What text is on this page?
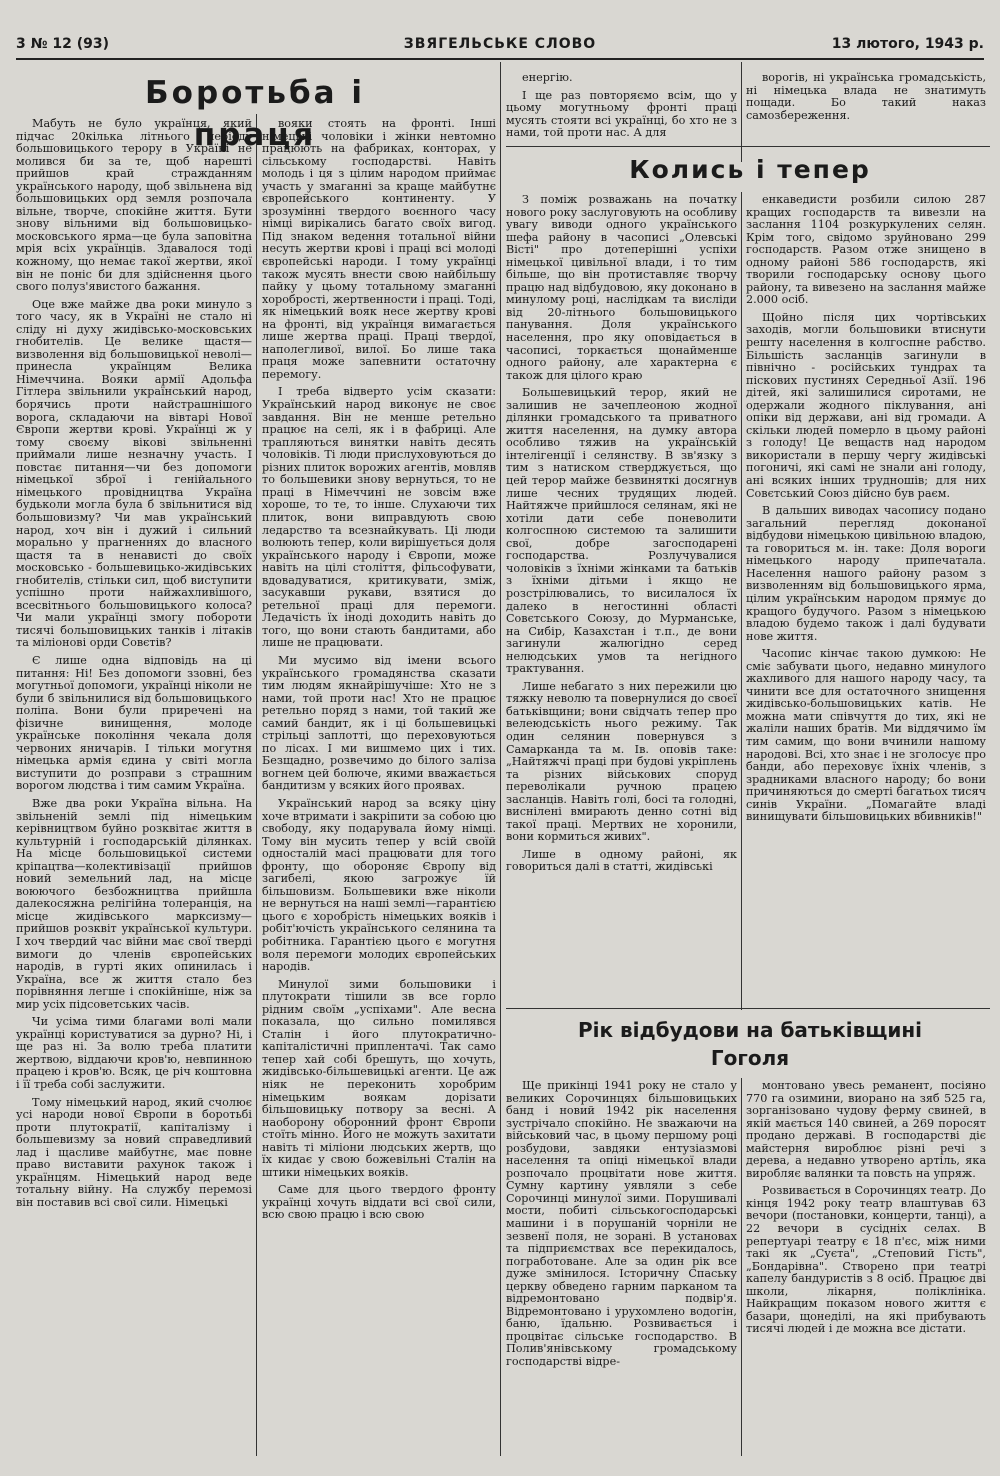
3 № 12 (93)	ЗВЯГЕЛЬСЬКЕ СЛОВО	13 лютого, 1943 р.
Боротьба і праця

Мабуть не було українця, який підчас 20кілька літнього періоду большовицького терору в Україні не молився би за те, щоб нарешті прийшов край стражданням українського народу, щоб звільнена від большовицьких орд земля розпочала вільне, творче, спокійне життя. Бути знову вільними від большовицько-московського ярма—це була заповітна мрія всіх українців. Здавалося тоді кожному, що немає такої жертви, якої він не поніс би для здійснення цього свого полуз'явистого бажання.

Оце вже майже два роки минуло з того часу, як в Україні не стало ні сліду ні духу жидівсько-московських гнобителів. Це велике щастя—визволення від большовицької неволі—принесла українцям Велика Німеччина. Вояки армії Адольфа Гітлера звільнили український народ, борячись проти найстрашнішого ворога, складаючи на вівтарі Нової Європи жертви крові. Українці ж у тому своєму вікові звільненні приймали лише незначну участь. І повстає питання—чи без допомоги німецької зброї і генійального німецького провідництва Україна будьколи могла була б звільнитися від большовизму? Чи мав український народ, хоч він і дужий і сильний морально у прагненнях до власного щастя та в ненависті до своїх московсько - большевицько-жидівських гнобителів, стільки сил, щоб виступити успішно проти найжахливішого, всесвітнього большовицького колоса? Чи мали українці змогу побороти тисячі большовицьких танків і літаків та міліонові орди Совєтів?

Є лише одна відповідь на ці питання: Ні! Без допомоги ззовні, без могутньої допомоги, українці ніколи не були б звільнилися від большовицького поліпа. Вони були приречені на фізичне винищення, молоде українське покоління чекала доля червоних яничарів. І тільки могутня німецька армія єдина у світі могла виступити до розправи з страшним ворогом людства і тим самим Україна.

Вже два роки Україна вільна. На звільненій землі під німецьким керівництвом буйно розквітає життя в культурній і господарській ділянках. На місце большовицької системи кріпацтва—колективізації прийшов новий земельний лад, на місце воюючого безбожництва прийшла далекосяжна релігійна толеранція, на місце жидівського марксизму—прийшов розквіт української культури. І хоч твердий час війни має свої тверді вимоги до членів європейських народів, в гурті яких опинилась і Україна, все ж життя стало без порівняння легше і спокійніше, ніж за мир усіх підсоветських часів.

Чи усіма тими благами волі мали українці користуватися за дурно? Ні, і ще раз ні. За волю треба платити жертвою, віддаючи кров'ю, невпинною працею і кров'ю. Всяк, це річ коштовна і її треба собі заслужити.

Тому німецький народ, який счолює усі народи нової Європи в боротьбі проти плутократії, капіталізму і большевизму за новий справедливий лад і щасливе майбутнє, має повне право виставити рахунок також і українцям. Німецький народ веде тотальну війну. На службу перемозі він поставив всі свої сили. Німецькі

вояки стоять на фронті. Інші німецькі чоловіки і жінки невтомно працюють на фабриках, конторах, у сільському господарстві. Навіть молодь і ця з цілим народом приймає участь у змаганні за краще майбутнє європейського континенту. У зрозумінні твердого воєнного часу німці вирікались багато своїх вигод. Під знаком ведення тотальної війни несуть жертви крові і праці всі молоді європейські народи. І тому українці також мусять внести свою найбільшу пайку у цьому тотальному змаганні хоробрості, жертвенности і праці. Тоді, як німецький вояк несе жертву крові на фронті, від українця вимагається лише жертва праці. Праці твердої, наполегливої, вилої. Бо лише така праця може запевнити остаточну перемогу.

І треба відверто усім сказати: Український народ виконує не своє завдання. Він не менше ретельно працює на селі, як і в фабриці. Але трапляються винятки навіть десять чоловіків. Ті люди прислуховуються до різних плиток ворожих агентів, мовляв то большевики знову вернуться, то не праці в Німеччині не зовсім вже хороше, то те, то інше. Слухаючи тих плиток, вони виправдують свою ледарство та всезнайкувать. Ці люди волюють тепер, коли вирішується доля українського народу і Європи, може навіть на цілі століття, фільсофувати, вдовадуватися, критикувати, зміж, засукавши рукави, взятися до ретельної праці для перемоги. Ледачість їх іноді доходить навіть до того, що вони стають бандитами, або лише не працювати.

Ми мусимо від імени всього українського громадянства сказати тим людям якнайрішучіше: Хто не з нами, той проти нас! Хто не працює ретельно поряд з нами, той такий же самий бандит, як і ці большевицькі стрільці заплотті, що переховуються по лісах. І ми вишмемо цих і тих. Безщадно, розвечимо до білого заліза вогнем цей болюче, якими вважається бандитизм у всяких його проявах.

Український народ за всяку ціну хоче втримати і закріпити за собою цю свободу, яку подарувала йому німці. Тому він мусить тепер у всій своїй односталій масі працювати для того фронту, що обороняє Європу від загибелі, якою загрожує їй більшовизм. Большевики вже ніколи не вернуться на наші землі—гарантією цього є хоробрість німецьких вояків і робіт'ючість українського селянина та робітника. Гарантією цього є могутня воля перемоги молодих європейських народів.

Минулої зими большовики і плутократи тішили зв все горло рідним своїм „успіхами". Але весна показала, що сильно помилявся Сталін і його плутократично-капіталістичні приплентачі. Так само тепер хай собі брешуть, що хочуть, жидівсько-більшевицькі агенти. Це аж ніяк не переконить хоробрим німецьким воякам дорізати більшовицьку потвору за весні. А наоборону оборонний фронт Європи стоїть мінно. Його не можуть захитати навіть ті міліони людських жертв, що їх кидає у свою божевільні Сталін на штики німецьких вояків.

Саме для цього твердого фронту українці хочуть віддати всі свої сили, всю свою працю і всю свою

енергію.

І ще раз повторяємо всім, що у цьому могутньому фронті праці мусять стояти всі українці, бо хто не з нами, той проти нас. А для

ворогів, ні українська громадськість, ні німецька влада не знатимуть пощади. Бо такий наказ самозбереження.

Колись і тепер

З поміж розважань на початку нового року заслуговують на особливу увагу виводи одного українського шефа району в часописі „Олевські Вісті" про дотеперішні успіхи німецької цивільної влади, і то тим більше, що він протиставляє творчу працю над відбудовою, яку доконано в минулому році, наслідкам та висліди від 20-літнього большовицького панування. Доля українського населення, про яку оповідається в часописі, торкається щонайменше одного району, але характерна є також для цілого краю

Большевицький терор, який не залишив не зачеплеоною жодної ділянки громадського та приватного життя населення, на думку автора особливо тяжив на українській інтелігенції і селянству. В зв'язку з тим з натиском стверджується, що цей терор майже безвиняткі досягнув лише чесних трудящих людей. Найтяжче прийшлося селянам, які не хотіли дати себе поневолити колгоспною системою та залишити свої, добре загосподарені господарства. Розлучувалися чоловіків з їхніми жінками та батьків з їхніми дітьми і якщо не розстрілювались, то висилалося їх далеко в негостинні області Совєтського Союзу, до Мурманське, на Сибір, Казахстан і т.п., де вони загинули жалюгідно серед нелюдських умов та негідного трактування.

Лише небагато з них пережили цю тяжку неволю та повернулися до своєї батьківщини; вони свідчать тепер про велеюдськість нього режиму. Так один селянин повернувся з Самарканда та м. Ів. оповів таке: „Найтяжчі праці при будові укріплень та різних військових споруд переволікали ручною працею засланців. Навіть голі, босі та голодні, виснілені вмирають денно сотні від такої праці. Мертвих не хоронили, вони кормиться живих".

Лише в одному районі, як говориться далі в статті, жидівські

енкаведисти розбили силою 287 кращих господарств та вивезли на заслання 1104 розкуркулених селян. Крім того, свідомо зруйновано 299 господарств. Разом отже знищено в одному районі 586 господарств, які творили господарську основу цього району, та вивезено на заслання майже 2.000 осіб.

Щойно після цих чортівських заходів, могли большовики втиснути решту населення в колгоспне рабство. Більшість засланців загинули в північно - російських тундрах та піскових пустинях Середньої Азії. 196 дітей, які залишилися сиротами, не одержали жодного піклування, ані опіки від держави, ані від громади. А скільки людей померло в цьому районі з голоду! Це вещаств над народом використали в першу чергу жидівські погоничі, які самі не знали ані голоду, ані всяких інших трудношів; для них Совєтський Союз дійсно був раєм.

В дальших виводах часопису подано загальний перегляд доконаної відбудови німецькою цивільною владою, та говориться м. ін. таке: Доля вороги німецького народу припечатала. Населення нашого району разом з визволенням від большовицького ярма, цілим українським народом прямує до кращого будучого. Разом з німецькою владою будемо також і далі будувати нове життя.

Часопис кінчає такою думкою: Не сміє забувати цього, недавно минулого жахливого для нашого народу часу, та чинити все для остаточного знищення жидівсько-большовицьких катів. Не можна мати співчуття до тих, які не жаліли наших братів. Ми віддячимо їм тим самим, що вони вчинили нашому народові. Всі, хто знає і не зголосує про банди, або переховує їхніх членів, з зрадниками власного народу; бо вони причиняються до смерті багатьох тисяч синів України. „Помагайте владі винищувати більшовицьких вбивників!"

Рік відбудови на батьківщині
Гоголя

Ще прикінці 1941 року не стало у великих Сорочинцях більшовицьких банд і новий 1942 рік населення зустрічало спокійно. Не зважаючи на військовий час, в цьому першому році розбудови, завдяки ентузіазмові населення та опіці німецької влади розпочало процвітати нове життя. Сумну картину уявляли з себе Сорочинці минулої зими. Порушивалі мости, побиті сільськогосподарські машини і в порушаній чорніли не зезвенї поля, не зорані. В установах та підприємствах все перекидалось, погработоване. Але за один рік все дуже змінилося. Історичну Спаську церкву обведено гарним парканом та відремонтовано подвір'я. Відремонтовано і урухомлено водогін, баню, їдальню. Розвивається і процвітає сільське господарство. В Полив'янівському громадському господарстві відре-

монтовано увесь реманент, посіяно 770 га озимини, виорано на зяб 525 га, зорганізовано чудову ферму свиней, в якій мається 140 свиней, а 269 поросят продано державі. В господарстві діє майстерня вироблює різні речі з дерева, а недавно утворено артіль, яка виробляє валянки та повсть на упряж.

Розвивається в Сорочинцях театр. До кінця 1942 року театр влаштував 63 вечори (постановки, концерти, танці), а 22 вечори в сусідніх селах. В репертуарі театру є 18 п'єс, між ними такі як „Суєта", „Степовий Гість", „Бондарівна". Створено при театрі капелу бандуристів з 8 осіб. Працює дві школи, лікарня, поліклініка. Найкращим показом нового життя є базари, щонеділі, на які прибувають тисячі людей і де можна все дістати.
